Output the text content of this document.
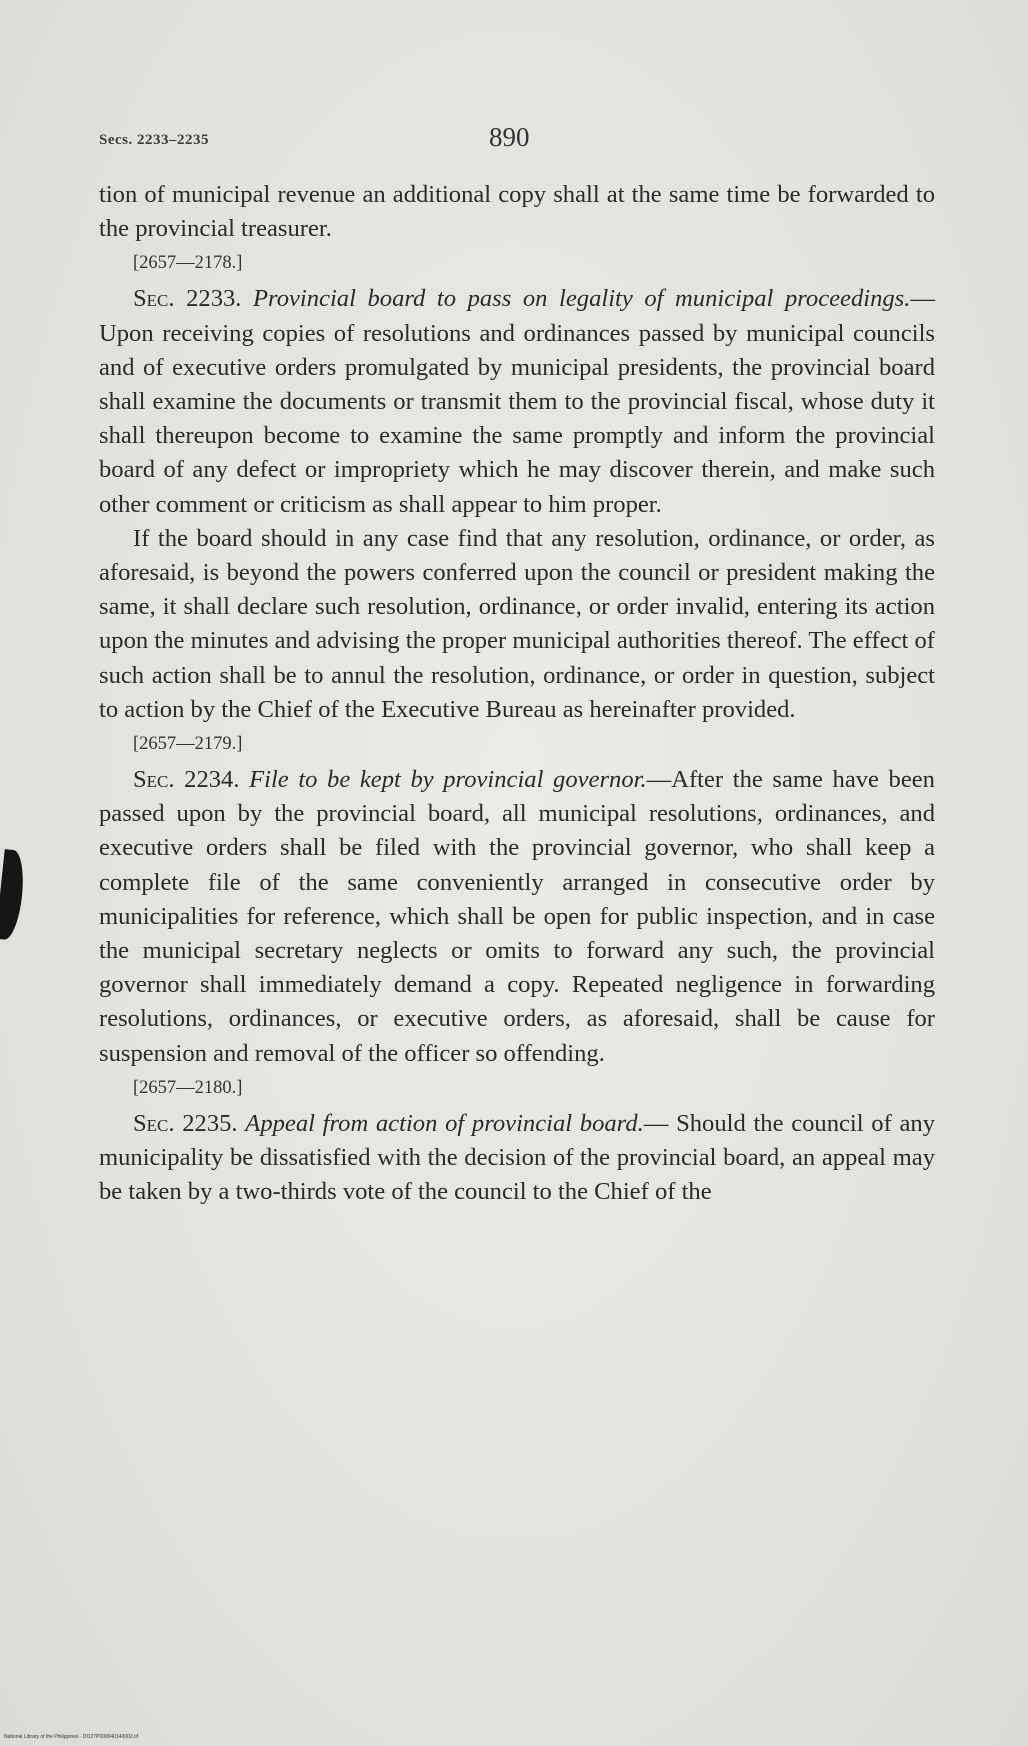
Secs. 2233–2235	890

tion of municipal revenue an additional copy shall at the same time be forwarded to the provincial treasurer.

[2657—2178.]

Sec. 2233. Provincial board to pass on legality of municipal proceedings.—Upon receiving copies of resolutions and ordinances passed by municipal councils and of executive orders promulgated by municipal presidents, the provincial board shall examine the documents or transmit them to the provincial fiscal, whose duty it shall thereupon become to examine the same promptly and inform the provincial board of any defect or impropriety which he may discover therein, and make such other comment or criticism as shall appear to him proper.

If the board should in any case find that any resolution, ordinance, or order, as aforesaid, is beyond the powers conferred upon the council or president making the same, it shall declare such resolution, ordinance, or order invalid, entering its action upon the minutes and advising the proper municipal authorities thereof. The effect of such action shall be to annul the resolution, ordinance, or order in question, subject to action by the Chief of the Executive Bureau as hereinafter provided.

[2657—2179.]

Sec. 2234. File to be kept by provincial governor.—After the same have been passed upon by the provincial board, all municipal resolutions, ordinances, and executive orders shall be filed with the provincial governor, who shall keep a complete file of the same conveniently arranged in consecutive order by municipalities for reference, which shall be open for public inspection, and in case the municipal secretary neglects or omits to forward any such, the provincial governor shall immediately demand a copy. Repeated negligence in forwarding resolutions, ordinances, or executive orders, as aforesaid, shall be cause for suspension and removal of the officer so offending.

[2657—2180.]

Sec. 2235. Appeal from action of provincial board.— Should the council of any municipality be dissatisfied with the decision of the provincial board, an appeal may be taken by a two-thirds vote of the council to the Chief of the

National Library of the Philippines · DO27P000040140002.tif
